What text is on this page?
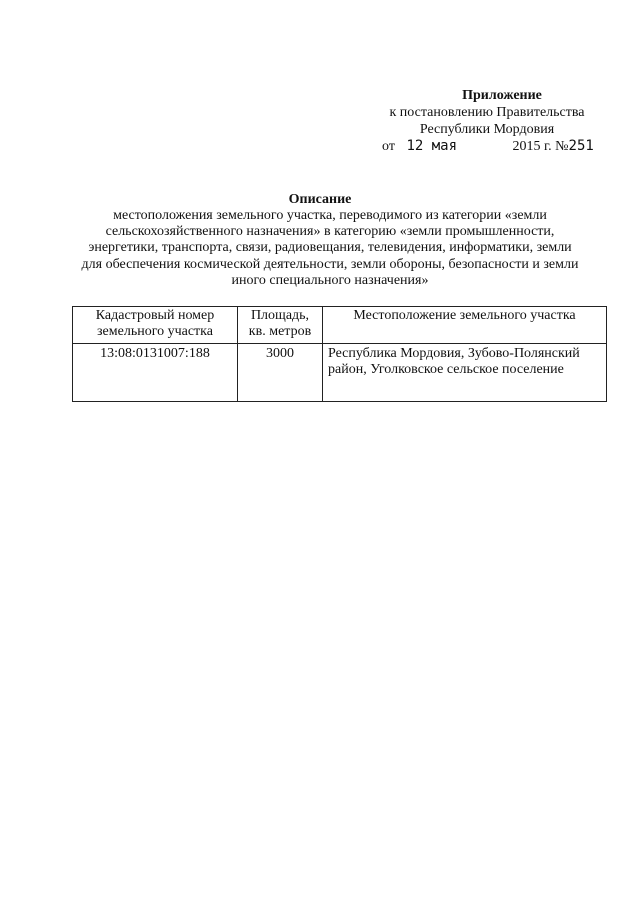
Приложение
к постановлению Правительства
Республики Мордовия
от 12 мая	2015 г. №251
Описание
местоположения земельного участка, переводимого из категории «земли сельскохозяйственного назначения» в категорию «земли промышленности, энергетики, транспорта, связи, радиовещания, телевидения, информатики, земли для обеспечения космической деятельности, земли обороны, безопасности и земли иного специального назначения»
Кадастровый номер земельного участка	Площадь, кв. метров	Местоположение земельного участка
13:08:0131007:188	3000	Республика Мордовия, Зубово-Полянский район, Уголковское сельское поселение
